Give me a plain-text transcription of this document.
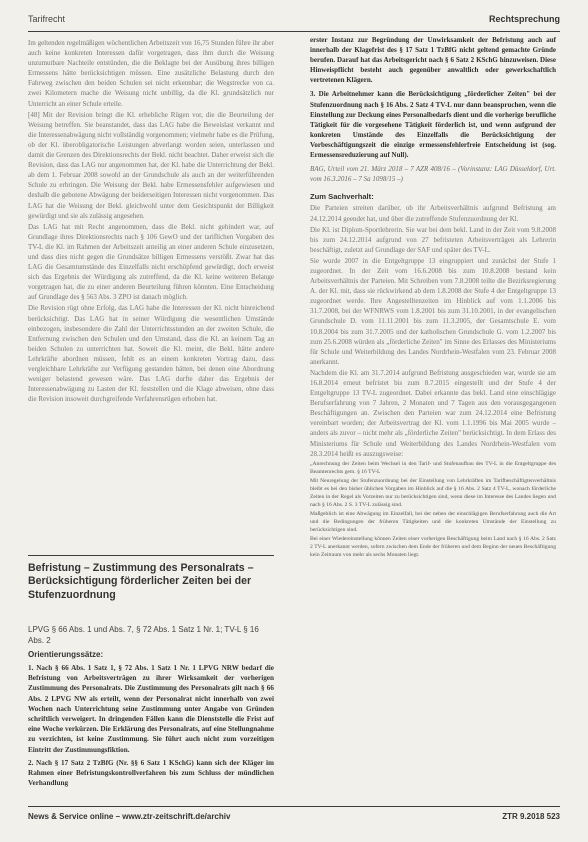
Tarifrecht	Rechtsprechung

Im geltenden regelmäßigen wöchentlichen Arbeitszeit von 16,75 Stunden führe ihr aber auch keine konkreten Interessen dafür vorgetragen, dass ihm durch die Weisung unzumutbare Nachteile entstünden, die die Beklagte bei der Ausübung ihres billigen Ermessens hätte berücksichtigen müssen. Eine zusätzliche Belastung durch den Fahrweg zwischen den beiden Schulen sei nicht erkennbar; die Wegstrecke von ca. zwei Kilometern mache die Weisung nicht unbillig, da die Kl. grundsätzlich nur Unterricht an einer Schule erteile.

[48] Mit der Revision bringt die Kl. erhebliche Rügen vor, die die Beurteilung der Weisung betreffen. Sie beanstandet, dass das LAG habe die Beweislast verkannt und die Interessenabwägung nicht vollständig vorgenommen; vielmehr habe es die Prüfung, ob der Kl. überobligatorische Leistungen abverlangt worden seien, unterlassen und damit die Grenzen des Direktionsrechts der Bekl. nicht beachtet. Daher erweist sich die Revision, dass das LAG nur angenommen hat, der Kl. habe die Unterrichtung der Bekl. ab dem 1. Februar 2008 sowohl an der Grundschule als auch an der weiterführenden Schule zu erbringen. Die Weisung der Bekl. habe Ermessensfehler aufgewiesen und deshalb die gebotene Abwägung der beiderseitigen Interessen nicht vorgenommen. Das LAG hat die Weisung der Bekl. gleichwohl unter dem Gesichtspunkt der Billigkeit gewürdigt und sie als zulässig angesehen.

Das LAG hat mit Recht angenommen, dass die Bekl. nicht gehindert war, auf Grundlage ihres Direktionsrechts nach § 106 GewO und der tariflichen Vorgaben des TV-L die Kl. im Rahmen der Arbeitszeit anteilig an einer anderen Schule einzusetzen, und dass dies nicht gegen die Grundsätze billigen Ermessens verstößt. Zwar hat das LAG die Gesamtumstände des Einzelfalls nicht erschöpfend gewürdigt, doch erweist sich das Ergebnis der Würdigung als zutreffend, da die Kl. keine weiteren Belange vorgetragen hat, die zu einer anderen Beurteilung führen könnten. Eine Entscheidung auf Grundlage des § 563 Abs. 3 ZPO ist danach möglich.

Die Revision rügt ohne Erfolg, das LAG habe die Interessen der Kl. nicht hinreichend berücksichtigt. Das LAG hat in seiner Würdigung die wesentlichen Umstände einbezogen, insbesondere die Zahl der Unterrichtsstunden an der zweiten Schule, die Entfernung zwischen den Schulen und den Umstand, dass die Kl. an keinem Tag an beiden Schulen zu unterrichten hat. Soweit die Kl. meint, die Bekl. hätte andere Lehrkräfte abordnen müssen, fehlt es an einem konkreten Vortrag dazu, dass vergleichbare Lehrkräfte zur Verfügung gestanden hätten, bei denen eine Abordnung weniger belastend gewesen wäre. Das LAG durfte daher das Ergebnis der Interessenabwägung zu Lasten der Kl. feststellen und die Klage abweisen, ohne dass die Revision insoweit durchgreifende Verfahrensrügen erhoben hat.

Befristung – Zustimmung des Personalrats – Berücksichtigung förderlicher Zeiten bei der Stufenzuordnung
LPVG § 66 Abs. 1 und Abs. 7, § 72 Abs. 1 Satz 1 Nr. 1; TV-L § 16 Abs. 2
Orientierungssätze:

1. Nach § 66 Abs. 1 Satz 1, § 72 Abs. 1 Satz 1 Nr. 1 LPVG NRW bedarf die Befristung von Arbeitsverträgen zu ihrer Wirksamkeit der vorherigen Zustimmung des Personalrats. Die Zustimmung des Personalrats gilt nach § 66 Abs. 2 LPVG NW als erteilt, wenn der Personalrat nicht innerhalb von zwei Wochen nach Unterrichtung seine Zustimmung unter Angabe von Gründen schriftlich verweigert. In dringenden Fällen kann die Dienststelle die Frist auf eine Woche verkürzen. Die Erklärung des Personalrats, auf eine Stellungnahme zu verzichten, ist keine Zustimmung. Sie führt auch nicht zum vorzeitigen Eintritt der Zustimmungsfiktion.

2. Nach § 17 Satz 2 TzBfG (Nr. §§ 6 Satz 1 KSchG) kann sich der Kläger im Rahmen einer Befristungskontrollverfahren bis zum Schluss der mündlichen Verhandlung

erster Instanz zur Begründung der Unwirksamkeit der Befristung auch auf innerhalb der Klagefrist des § 17 Satz 1 TzBfG nicht geltend gemachte Gründe berufen. Darauf hat das Arbeitsgericht nach § 6 Satz 2 KSchG hinzuweisen. Diese Hinweispflicht besteht auch gegenüber anwaltlich oder gewerkschaftlich vertretenen Klägern.

3. Die Arbeitnehmer kann die Berücksichtigung „förderlicher Zeiten" bei der Stufenzuordnung nach § 16 Abs. 2 Satz 4 TV-L nur dann beanspruchen, wenn die Einstellung zur Deckung eines Personalbedarfs dient und die vorherige berufliche Tätigkeit für die vorgesehene Tätigkeit förderlich ist, und wenn aufgrund der konkreten Umstände des Einzelfalls die Berücksichtigung der Vorbeschäftigungszeit die einzige ermessensfehlerfreie Entscheidung ist (sog. Ermessensreduzierung auf Null).

BAG, Urteil vom 21. März 2018 – 7 AZR 408/16 – (Vorinstanz: LAG Düsseldorf, Urt. vom 16.3.2016 – 7 Sa 1098/15 –)

Zum Sachverhalt:

Die Parteien streiten darüber, ob ihr Arbeitsverhältnis aufgrund Befristung am 24.12.2014 geendet hat, und über die zutreffende Stufenzuordnung der Kl.

Die Kl. ist Diplom-Sportlehrerin. Sie war bei dem bekl. Land in der Zeit vom 9.8.2008 bis zum 24.12.2014 aufgrund von 27 befristeten Arbeitsverträgen als Lehrerin beschäftigt, zuletzt auf Grundlage der SAF und später des TV-L.

Sie wurde 2007 in die Entgeltgruppe 13 eingruppiert und zunächst der Stufe 1 zugeordnet. In der Zeit vom 16.6.2008 bis zum 10.8.2008 bestand kein Arbeitsverhältnis der Parteien. Mit Schreiben vom 7.8.2008 teilte die Bezirksregierung A. der Kl. mit, dass sie rückwirkend ab dem 1.8.2008 der Stufe 4 der Entgeltgruppe 13 zugeordnet werde. Ihre Angestelltenzeiten im Hinblick auf vom 1.1.2006 bis 31.7.2008, bei der WFNRWS vom 1.8.2001 bis zum 31.10.2001, in der evangelischen Grundschule D. vom 11.11.2001 bis zum 11.3.2005, der Gesamtschule E. vom 10.8.2004 bis zum 31.7.2005 und der katholischen Grundschule G. vom 1.2.2007 bis zum 25.6.2008 würden als „förderliche Zeiten" im Sinne des Erlasses des Ministeriums für Schule und Weiterbildung des Landes Nordrhein-Westfalen vom 23. Februar 2008 anerkannt.

Nachdem die Kl. am 31.7.2014 aufgrund Befristung ausgeschieden war, wurde sie am 16.8.2014 erneut befristet bis zum 8.7.2015 eingestellt und der Stufe 4 der Entgeltgruppe 13 TV-L zugeordnet. Dabei erkannte das bekl. Land eine einschlägige Berufserfahrung von 7 Jahren, 2 Monaten und 7 Tagen aus den vorausgegangenen Beschäftigungen an. Zwischen den Parteien war zum 24.12.2014 eine Befristung vereinbart worden; der Arbeitsvertrag der Kl. vom 1.1.1996 bis Mai 2005 wurde – anders als zuvor – nicht mehr als „förderliche Zeiten" berücksichtigt. In dem Erlass des Ministeriums für Schule und Weiterbildung des Landes Nordrhein-Westfalen vom 28.3.2014 heißt es auszugsweise:

„Anrechnung der Zeiten beim Wechsel in den Tarif- und Stufenaufbau des TV-L in die Entgeltgruppe des Beamtenrechts gem. § 16 TV-L

Mit Neuregelung der Stufenzuordnung bei der Einstellung von Lehrkräften im Tarifbeschäftigtenverhältnis bleibt es bei den bisher üblichen Vorgaben im Hinblick auf die § 16 Abs. 2 Satz 4 TV-L, wonach förderliche Zeiten in der Regel als Vorzeiten nur zu berücksichtigen sind, wenn diese im Interesse des Landes liegen und nach § 16 Abs. 2 S. 3 TV-L zulässig sind.

Maßgeblich ist eine Abwägung im Einzelfall, bei der neben der einschlägigen Berufserfahrung auch die Art und die Bedingungen der früheren Tätigkeiten und die konkreten Umstände der Einstellung zu berücksichtigen sind.

Bei einer Wiedereinstellung können Zeiten einer vorherigen Beschäftigung beim Land nach § 16 Abs. 2 Satz 2 TV-L anerkannt werden, sofern zwischen dem Ende der früheren und dem Beginn der neuen Beschäftigung kein Zeitraum von mehr als sechs Monaten liegt.

News & Service online – www.ztr-zeitschrift.de/archiv	ZTR 9.2018 523
